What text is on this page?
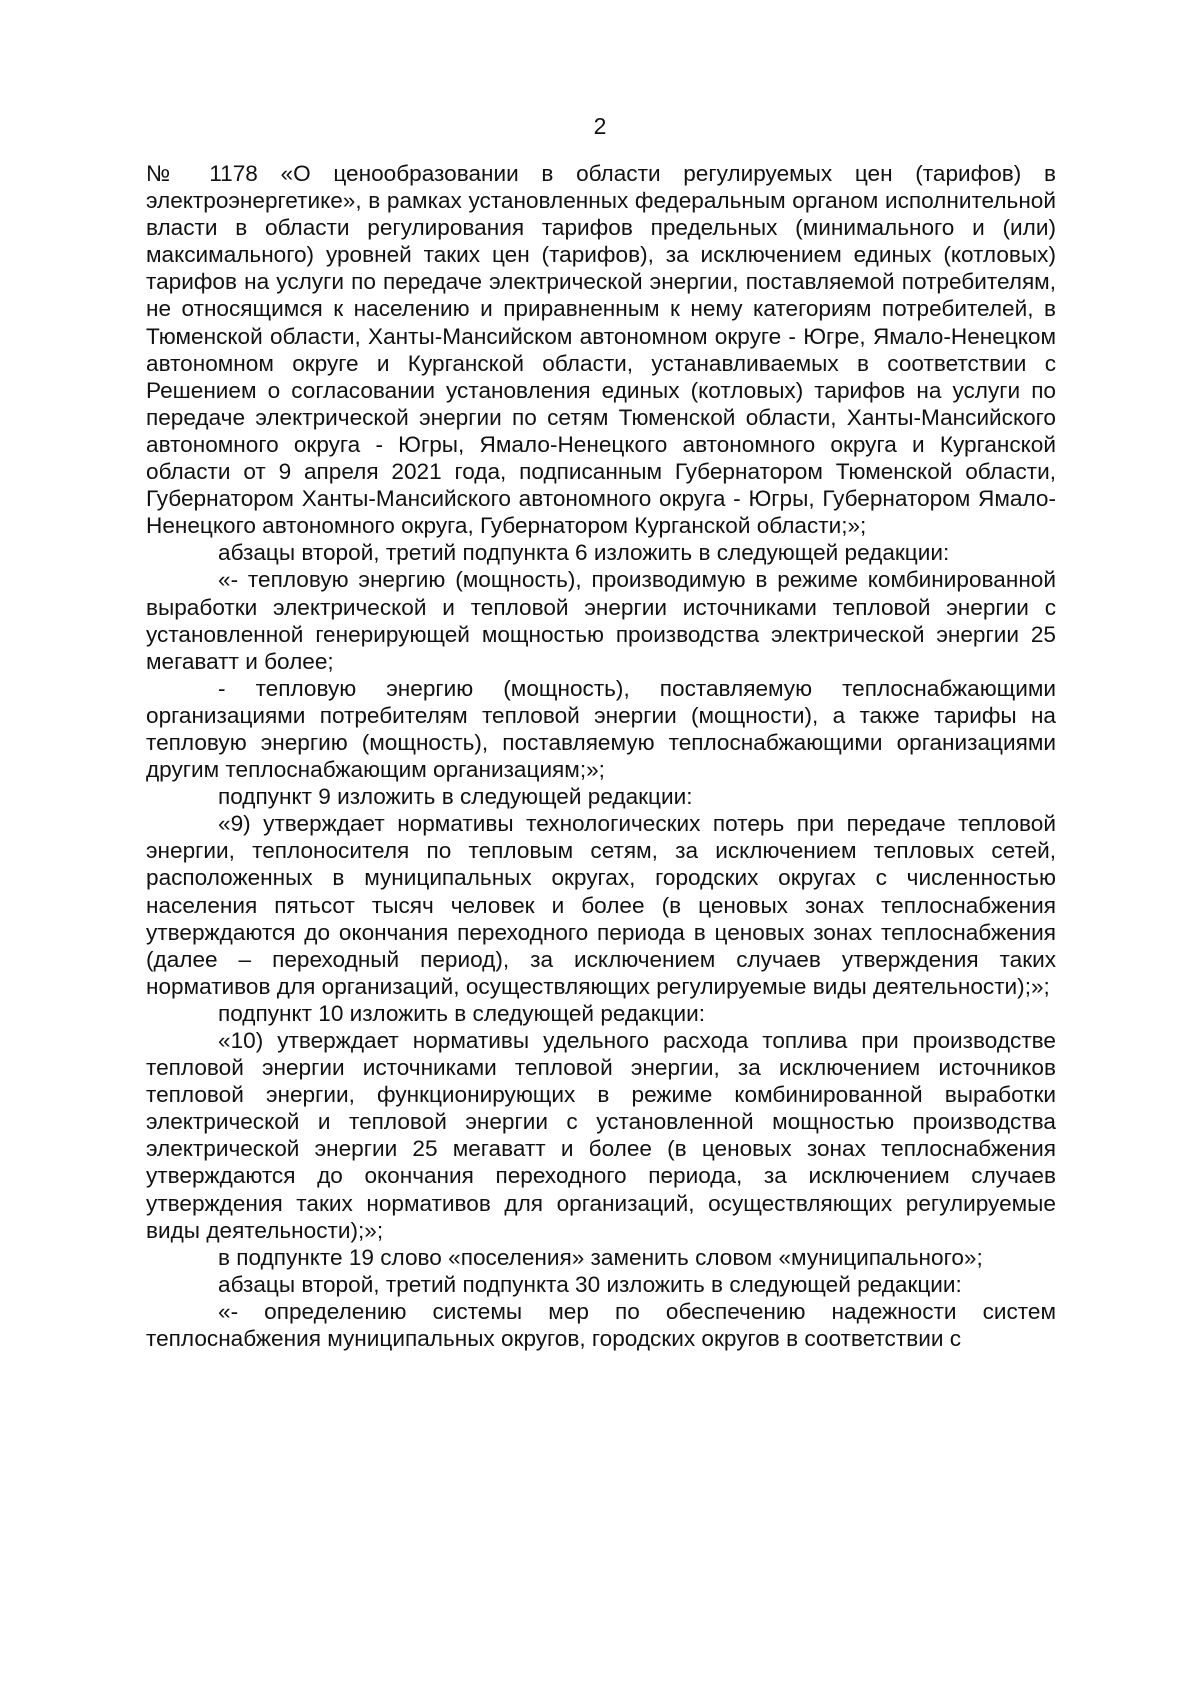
2

№ 1178 «О ценообразовании в области регулируемых цен (тарифов) в электроэнергетике», в рамках установленных федеральным органом исполнительной власти в области регулирования тарифов предельных (минимального и (или) максимального) уровней таких цен (тарифов), за исключением единых (котловых) тарифов на услуги по передаче электрической энергии, поставляемой потребителям, не относящимся к населению и приравненным к нему категориям потребителей, в Тюменской области, Ханты-Мансийском автономном округе - Югре, Ямало-Ненецком автономном округе и Курганской области, устанавливаемых в соответствии с Решением о согласовании установления единых (котловых) тарифов на услуги по передаче электрической энергии по сетям Тюменской области, Ханты-Мансийского автономного округа - Югры, Ямало-Ненецкого автономного округа и Курганской области от 9 апреля 2021 года, подписанным Губернатором Тюменской области, Губернатором Ханты-Мансийского автономного округа - Югры, Губернатором Ямало-Ненецкого автономного округа, Губернатором Курганской области;»;

абзацы второй, третий подпункта 6 изложить в следующей редакции:

«- тепловую энергию (мощность), производимую в режиме комбинированной выработки электрической и тепловой энергии источниками тепловой энергии с установленной генерирующей мощностью производства электрической энергии 25 мегаватт и более;

- тепловую энергию (мощность), поставляемую теплоснабжающими организациями потребителям тепловой энергии (мощности), а также тарифы на тепловую энергию (мощность), поставляемую теплоснабжающими организациями другим теплоснабжающим организациям;»;

подпункт 9 изложить в следующей редакции:

«9) утверждает нормативы технологических потерь при передаче тепловой энергии, теплоносителя по тепловым сетям, за исключением тепловых сетей, расположенных в муниципальных округах, городских округах с численностью населения пятьсот тысяч человек и более (в ценовых зонах теплоснабжения утверждаются до окончания переходного периода в ценовых зонах теплоснабжения (далее – переходный период), за исключением случаев утверждения таких нормативов для организаций, осуществляющих регулируемые виды деятельности);»;

подпункт 10 изложить в следующей редакции:

«10) утверждает нормативы удельного расхода топлива при производстве тепловой энергии источниками тепловой энергии, за исключением источников тепловой энергии, функционирующих в режиме комбинированной выработки электрической и тепловой энергии с установленной мощностью производства электрической энергии 25 мегаватт и более (в ценовых зонах теплоснабжения утверждаются до окончания переходного периода, за исключением случаев утверждения таких нормативов для организаций, осуществляющих регулируемые виды деятельности);»;

в подпункте 19 слово «поселения» заменить словом «муниципального»;

абзацы второй, третий подпункта 30 изложить в следующей редакции:

«- определению системы мер по обеспечению надежности систем теплоснабжения муниципальных округов, городских округов в соответствии с
